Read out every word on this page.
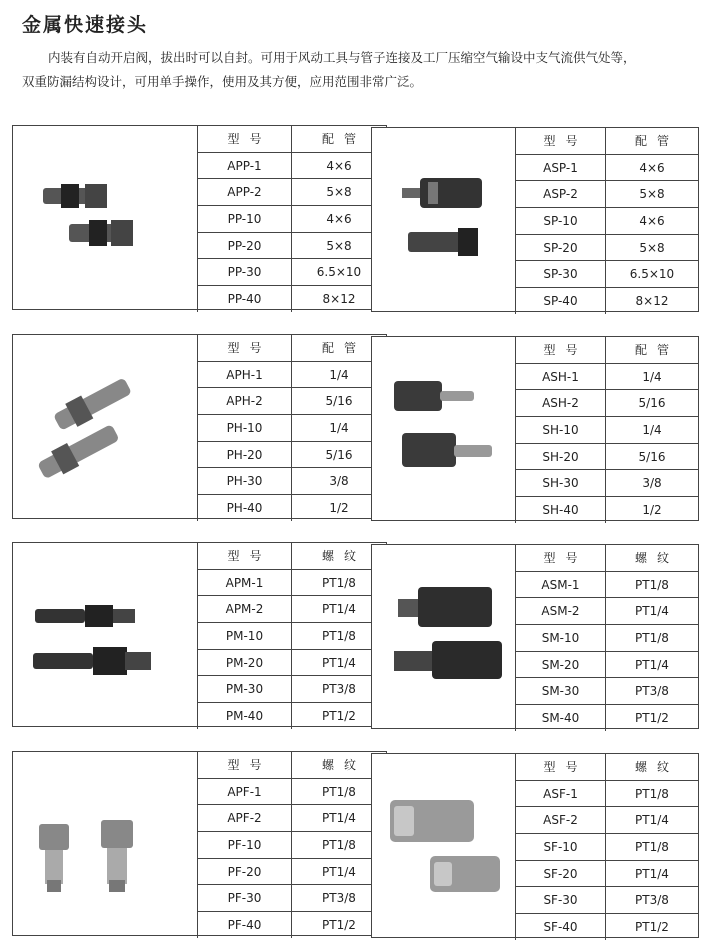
金属快速接头
内装有自动开启阀，拔出时可以自封。可用于风动工具与管子连接及工厂压缩空气输设中支气流供气处等，
双重防漏结构设计，可用单手操作，使用及其方便，应用范围非常广泛。
型号	配管
APP-1	4×6
APP-2	5×8
PP-10	4×6
PP-20	5×8
PP-30	6.5×10
PP-40	8×12
型号	配管
ASP-1	4×6
ASP-2	5×8
SP-10	4×6
SP-20	5×8
SP-30	6.5×10
SP-40	8×12
型号	配管
APH-1	1/4
APH-2	5/16
PH-10	1/4
PH-20	5/16
PH-30	3/8
PH-40	1/2
型号	配管
ASH-1	1/4
ASH-2	5/16
SH-10	1/4
SH-20	5/16
SH-30	3/8
SH-40	1/2
型号	螺纹
APM-1	PT1/8
APM-2	PT1/4
PM-10	PT1/8
PM-20	PT1/4
PM-30	PT3/8
PM-40	PT1/2
型号	螺纹
ASM-1	PT1/8
ASM-2	PT1/4
SM-10	PT1/8
SM-20	PT1/4
SM-30	PT3/8
SM-40	PT1/2
型号	螺纹
APF-1	PT1/8
APF-2	PT1/4
PF-10	PT1/8
PF-20	PT1/4
PF-30	PT3/8
PF-40	PT1/2
型号	螺纹
ASF-1	PT1/8
ASF-2	PT1/4
SF-10	PT1/8
SF-20	PT1/4
SF-30	PT3/8
SF-40	PT1/2
